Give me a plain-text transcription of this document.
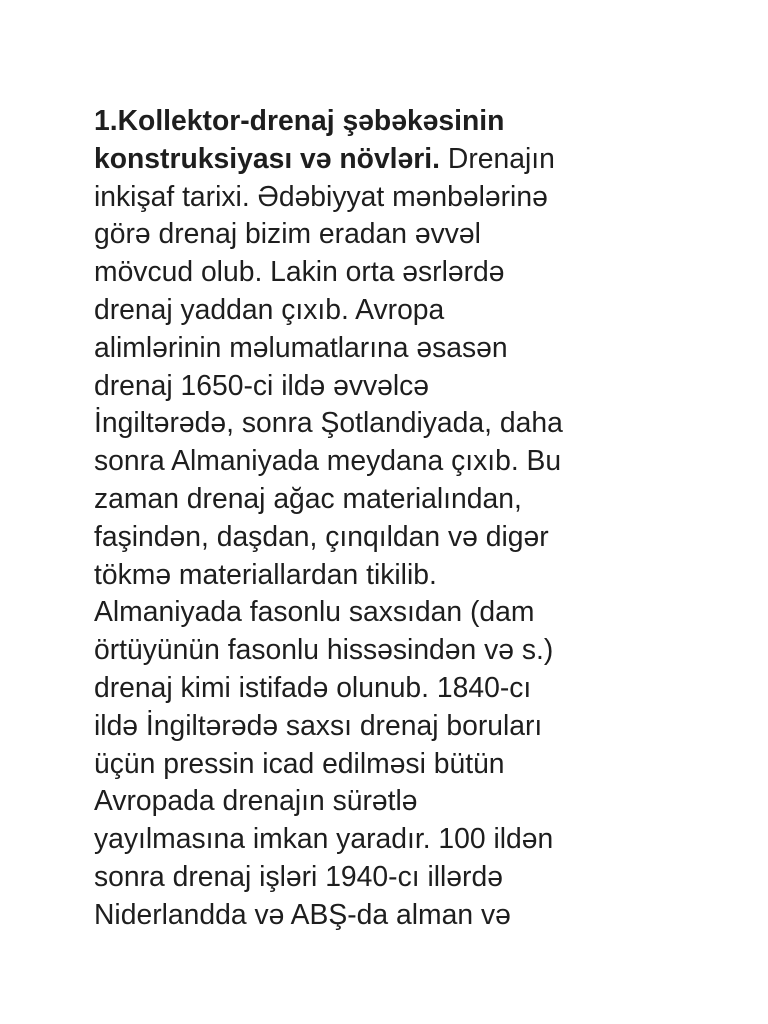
1.Kollektor-drenaj şəbəkəsinin
konstruksiyası və növləri. Drenajın
inkişaf tarixi. Ədəbiyyat mənbələrinə
görə drenaj bizim eradan əvvəl
mövcud olub. Lakin orta əsrlərdə
drenaj yaddan çıxıb. Avropa
alimlərinin məlumatlarına əsasən
drenaj 1650-ci ildə əvvəlcə
İngiltərədə, sonra Şotlandiyada, daha
sonra Almaniyada meydana çıxıb. Bu
zaman drenaj ağac materialından,
faşindən, daşdan, çınqıldan və digər
tökmə materiallardan tikilib.
Almaniyada fasonlu saxsıdan (dam
örtüyünün fasonlu hissəsindən və s.)
drenaj kimi istifadə olunub. 1840-cı
ildə İngiltərədə saxsı drenaj boruları
üçün pressin icad edilməsi bütün
Avropada drenajın sürətlə
yayılmasına imkan yaradır. 100 ildən
sonra drenaj işləri 1940-cı illərdə
Niderlandda və ABŞ-da alman və
